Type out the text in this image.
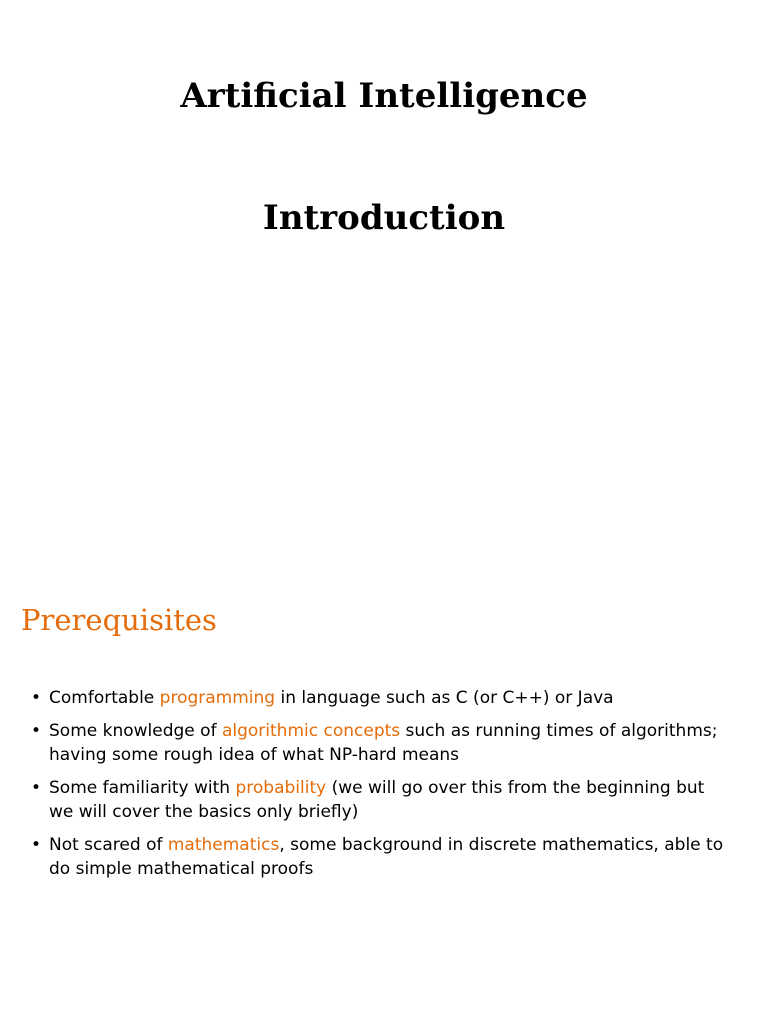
Artificial Intelligence
Introduction
Prerequisites
• Comfortable programming in language such as C (or C++) or Java
• Some knowledge of algorithmic concepts such as running times of algorithms; having some rough idea of what NP-hard means
• Some familiarity with probability (we will go over this from the beginning but we will cover the basics only briefly)
• Not scared of mathematics, some background in discrete mathematics, able to do simple mathematical proofs
